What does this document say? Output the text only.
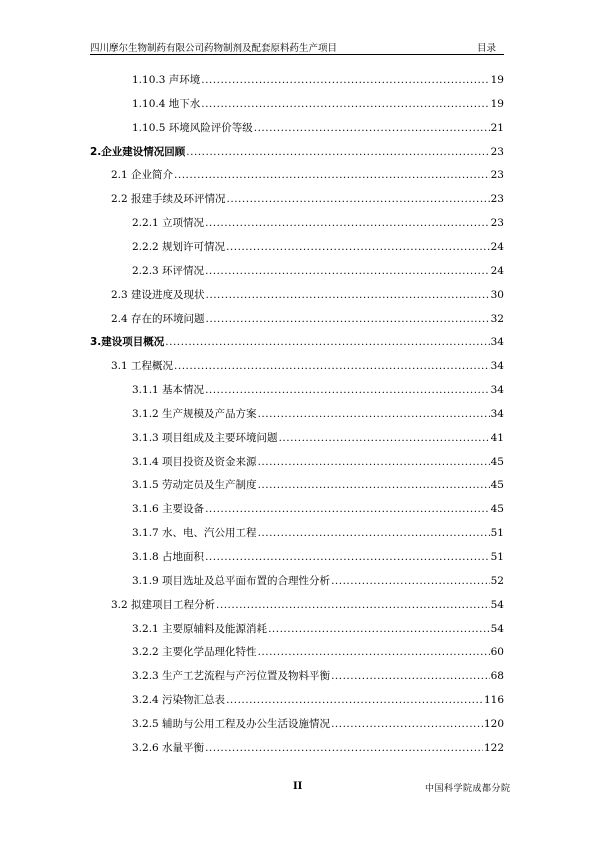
四川摩尔生物制药有限公司药物制剂及配套原料药生产项目	目录
1.10.3 声环境 .....	19
1.10.4 地下水 .....	19
1.10.5 环境风险评价等级 .....	21
2.企业建设情况回顾 .....	23
2.1 企业简介 .....	23
2.2 报建手续及环评情况 .....	23
2.2.1 立项情况 .....	23
2.2.2 规划许可情况 .....	24
2.2.3 环评情况 .....	24
2.3 建设进度及现状 .....	30
2.4 存在的环境问题 .....	32
3.建设项目概况 .....	34
3.1 工程概况 .....	34
3.1.1 基本情况 .....	34
3.1.2 生产规模及产品方案 .....	34
3.1.3 项目组成及主要环境问题 .....	41
3.1.4 项目投资及资金来源 .....	45
3.1.5 劳动定员及生产制度 .....	45
3.1.6 主要设备 .....	45
3.1.7 水、电、汽公用工程 .....	51
3.1.8 占地面积 .....	51
3.1.9 项目选址及总平面布置的合理性分析 .....	52
3.2 拟建项目工程分析 .....	54
3.2.1 主要原辅料及能源消耗 .....	54
3.2.2 主要化学品理化特性 .....	60
3.2.3 生产工艺流程与产污位置及物料平衡 .....	68
3.2.4 污染物汇总表 .....	116
3.2.5 辅助与公用工程及办公生活设施情况 .....	120
3.2.6 水量平衡 .....	122
II	中国科学院成都分院
